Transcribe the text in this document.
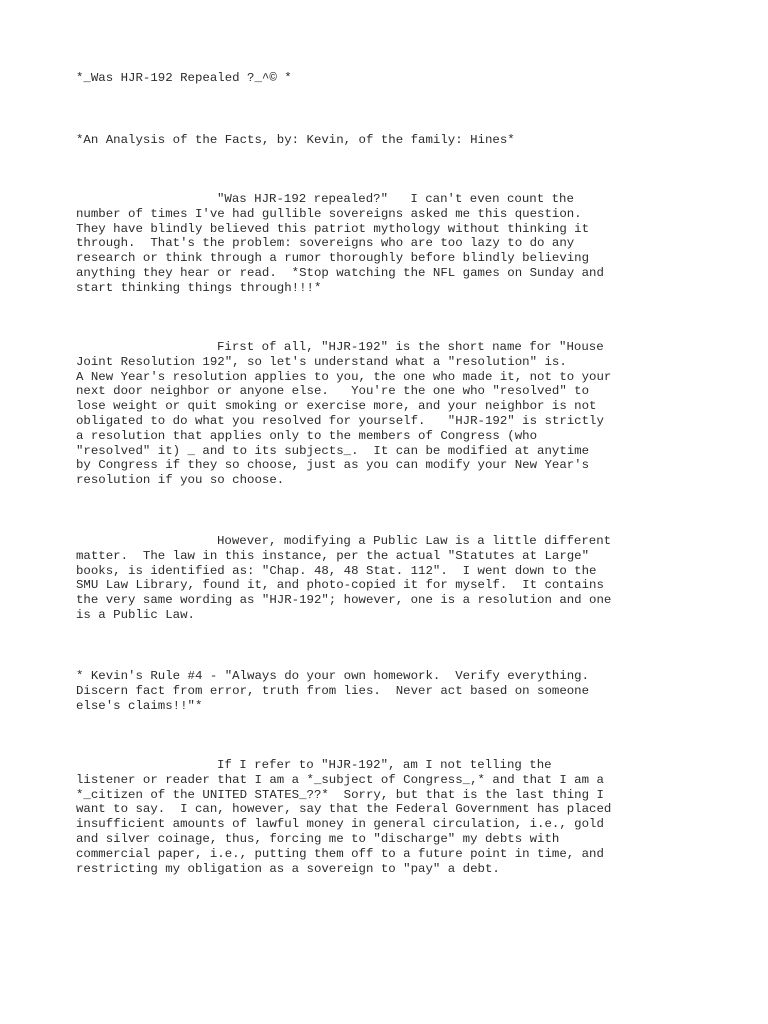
*_Was HJR-192 Repealed ?_^© *

*An Analysis of the Facts, by: Kevin, of the family: Hines*

"Was HJR-192 repealed?"   I can't even count the
number of times I've had gullible sovereigns asked me this question.
They have blindly believed this patriot mythology without thinking it
through.  That's the problem: sovereigns who are too lazy to do any
research or think through a rumor thoroughly before blindly believing
anything they hear or read.  *Stop watching the NFL games on Sunday and
start thinking things through!!!*
First of all, "HJR-192" is the short name for "House
Joint Resolution 192", so let's understand what a "resolution" is.
A New Year's resolution applies to you, the one who made it, not to your
next door neighbor or anyone else.   You're the one who "resolved" to
lose weight or quit smoking or exercise more, and your neighbor is not
obligated to do what you resolved for yourself.   "HJR-192" is strictly
a resolution that applies only to the members of Congress (who
"resolved" it) _ and to its subjects_.  It can be modified at anytime
by Congress if they so choose, just as you can modify your New Year's
resolution if you so choose.
However, modifying a Public Law is a little different
matter.  The law in this instance, per the actual "Statutes at Large"
books, is identified as: "Chap. 48, 48 Stat. 112".  I went down to the
SMU Law Library, found it, and photo-copied it for myself.  It contains
the very same wording as "HJR-192"; however, one is a resolution and one
is a Public Law.
* Kevin's Rule #4 - "Always do your own homework.  Verify everything.
Discern fact from error, truth from lies.  Never act based on someone
else's claims!!"*
If I refer to "HJR-192", am I not telling the
listener or reader that I am a *_subject of Congress_,* and that I am a
*_citizen of the UNITED STATES_??*  Sorry, but that is the last thing I
want to say.  I can, however, say that the Federal Government has placed
insufficient amounts of lawful money in general circulation, i.e., gold
and silver coinage, thus, forcing me to "discharge" my debts with
commercial paper, i.e., putting them off to a future point in time, and
restricting my obligation as a sovereign to "pay" a debt.
